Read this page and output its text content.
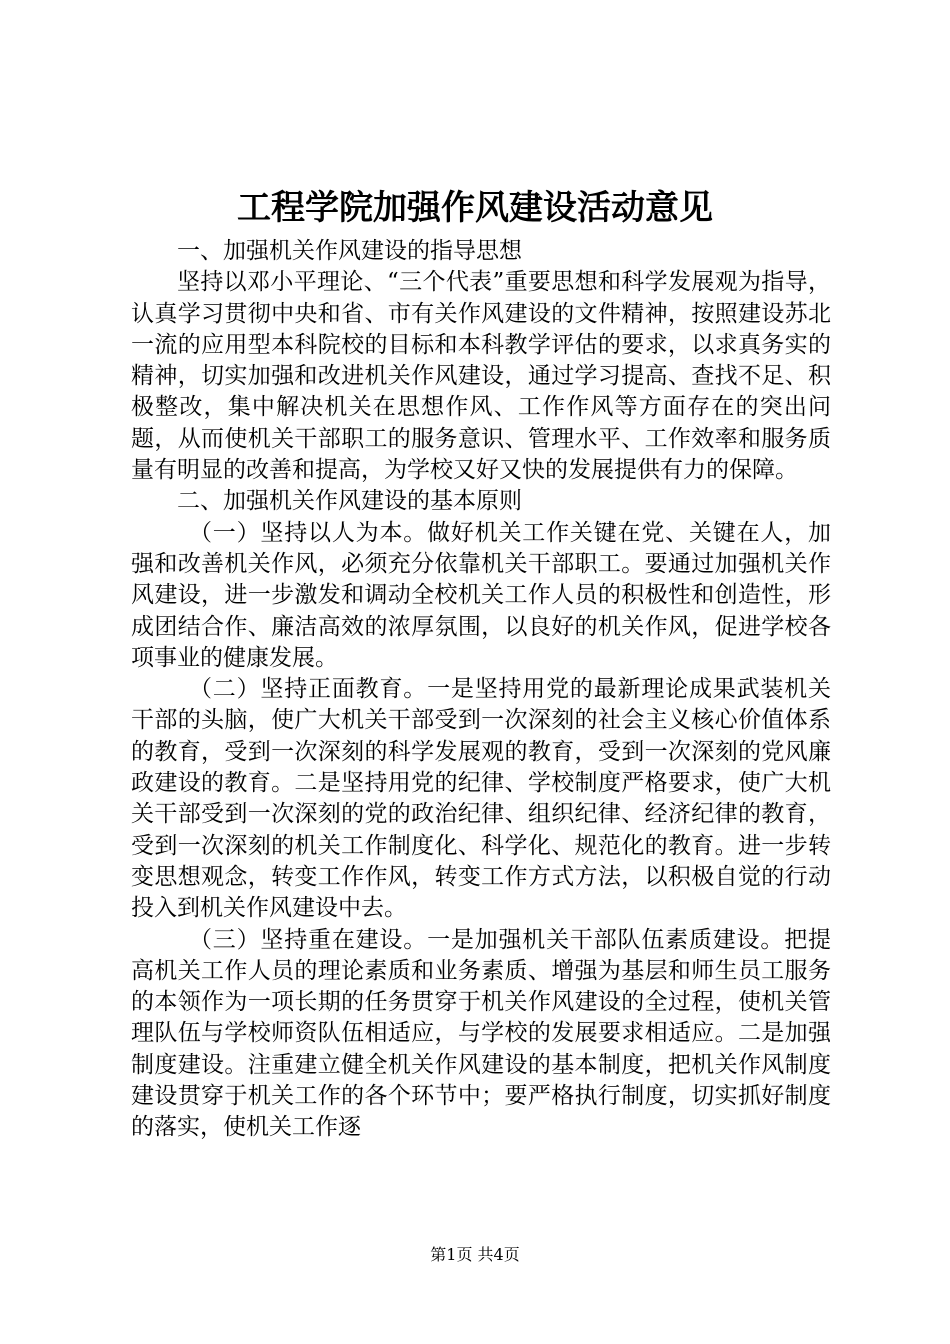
工程学院加强作风建设活动意见

一、加强机关作风建设的指导思想

坚持以邓小平理论、“三个代表”重要思想和科学发展观为指导，认真学习贯彻中央和省、市有关作风建设的文件精神，按照建设苏北一流的应用型本科院校的目标和本科教学评估的要求，以求真务实的精神，切实加强和改进机关作风建设，通过学习提高、查找不足、积极整改，集中解决机关在思想作风、工作作风等方面存在的突出问题，从而使机关干部职工的服务意识、管理水平、工作效率和服务质量有明显的改善和提高，为学校又好又快的发展提供有力的保障。

二、加强机关作风建设的基本原则

（一）坚持以人为本。做好机关工作关键在党、关键在人，加强和改善机关作风，必须充分依靠机关干部职工。要通过加强机关作风建设，进一步激发和调动全校机关工作人员的积极性和创造性，形成团结合作、廉洁高效的浓厚氛围，以良好的机关作风，促进学校各项事业的健康发展。

（二）坚持正面教育。一是坚持用党的最新理论成果武装机关干部的头脑，使广大机关干部受到一次深刻的社会主义核心价值体系的教育，受到一次深刻的科学发展观的教育，受到一次深刻的党风廉政建设的教育。二是坚持用党的纪律、学校制度严格要求，使广大机关干部受到一次深刻的党的政治纪律、组织纪律、经济纪律的教育，受到一次深刻的机关工作制度化、科学化、规范化的教育。进一步转变思想观念，转变工作作风，转变工作方式方法，以积极自觉的行动投入到机关作风建设中去。

（三）坚持重在建设。一是加强机关干部队伍素质建设。把提高机关工作人员的理论素质和业务素质、增强为基层和师生员工服务的本领作为一项长期的任务贯穿于机关作风建设的全过程，使机关管理队伍与学校师资队伍相适应，与学校的发展要求相适应。二是加强制度建设。注重建立健全机关作风建设的基本制度，把机关作风制度建设贯穿于机关工作的各个环节中；要严格执行制度，切实抓好制度的落实，使机关工作逐

第1页 共4页
